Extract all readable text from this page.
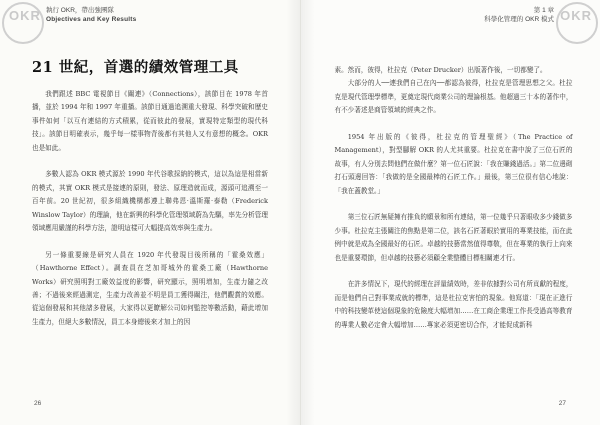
OKR 執行 OKR，帶出強團隊
Objectives and Key Results
21 世紀，首選的績效管理工具

我們跟述 BBC 電視節目《關連》（Connections），該節目在 1978 年首播，並於 1994 年和 1997 年重播。該節目通過追溯重大發現、科學突破和歷史事件如何「以互有連結的方式積累，從而彼此的發展，實現特定類型的現代科技」。該節目明確表示，幾乎每一樣事物背後都有其他人又有意想的概念。OKR 也是如此。

多數人認為 OKR 模式源於 1990 年代谷歌採納的模式，這以為這是相當新的模式，其實 OKR 模式是接連的原則，發法、原理造就而成，源頭可追溯至一百年前。20 世紀初，很多組織機構都遵上聯弗恩·溫斯羅·泰勒（Frederick Winslow Taylor）的理論，他在新興的科學化管理領域蔚為先驅，率先分析管理領域應用嚴謹的科學方法，證明這樣可大幅提高效率與生產力。

另一條重要線是研究人員在 1920 年代發現目後所稱的「霍桑效應」（Hawthorne Effect）。調查員在芝加哥城外的霍桑工廠（Hawthorne Works）研究照明對工廠效益度的影響，研究顯示，照明增加，生產力隨之改善；不過後來經過測定，生產力改善並不明是員工獲得關注，他們觀賞的效應。從這個發展和其他諸多發展，大家得以更瞭解公司如何監控等數活動，藉此增加生產力，但絕大多數情況，員工本身總後來才加上的因

26
OKR
第 1 章
科學化管理的 OKR 模式

素。然而，彼得，杜拉克（Peter Drucker）出版著作後，一切都變了。

大部分的人──連我們自己在內──都認為彼得，杜拉克是管理思想之父。杜拉克是現代管理學標準，更奠定現代商業公司的理論根基。他超過三十本的著作中，有不少著述是商管領域的經典之作。

1954 年出版的《彼得，杜拉克的管理聖經》（The Practice of Management），對型腳解 OKR 的人尤其重要。杜拉克在書中說了三位石匠的故事，有人分別去問他們在做什麼？第一位石匠說：「我在賺錢過活。」第二位邊砌打石頭邊回答：「我做的是全國最棒的石匠工作。」最後，第三位很有信心地說：「我在蓋教堂。」

第三位石匠無疑擁有推負的願景和所有連結，第一位幾乎只著眼收多少錢做多少事。杜拉克主張關注的焦點是第二位，該名石匠著眼於實用的專業技能，而在此例中就是成為全國最好的石匠。卓越的技藝當然值得尊敬，但在專業的執行上向來也是重要環節，但卓越的技藝必須顧全業整體目標相關連才行。

在許多情況下，現代的經理在評量績效時，差非依據對公司有所貢獻的程度，而是他們自己對事業成就的標準，這是杜拉克害怕的現象。他寫道：「現在正進行中的科技變革使這個現象的危險度大幅增加……在工商企業理工作長受過高等教育的專業人數必定會大幅增加……專家必須更密切合作，才能促成新科

27
